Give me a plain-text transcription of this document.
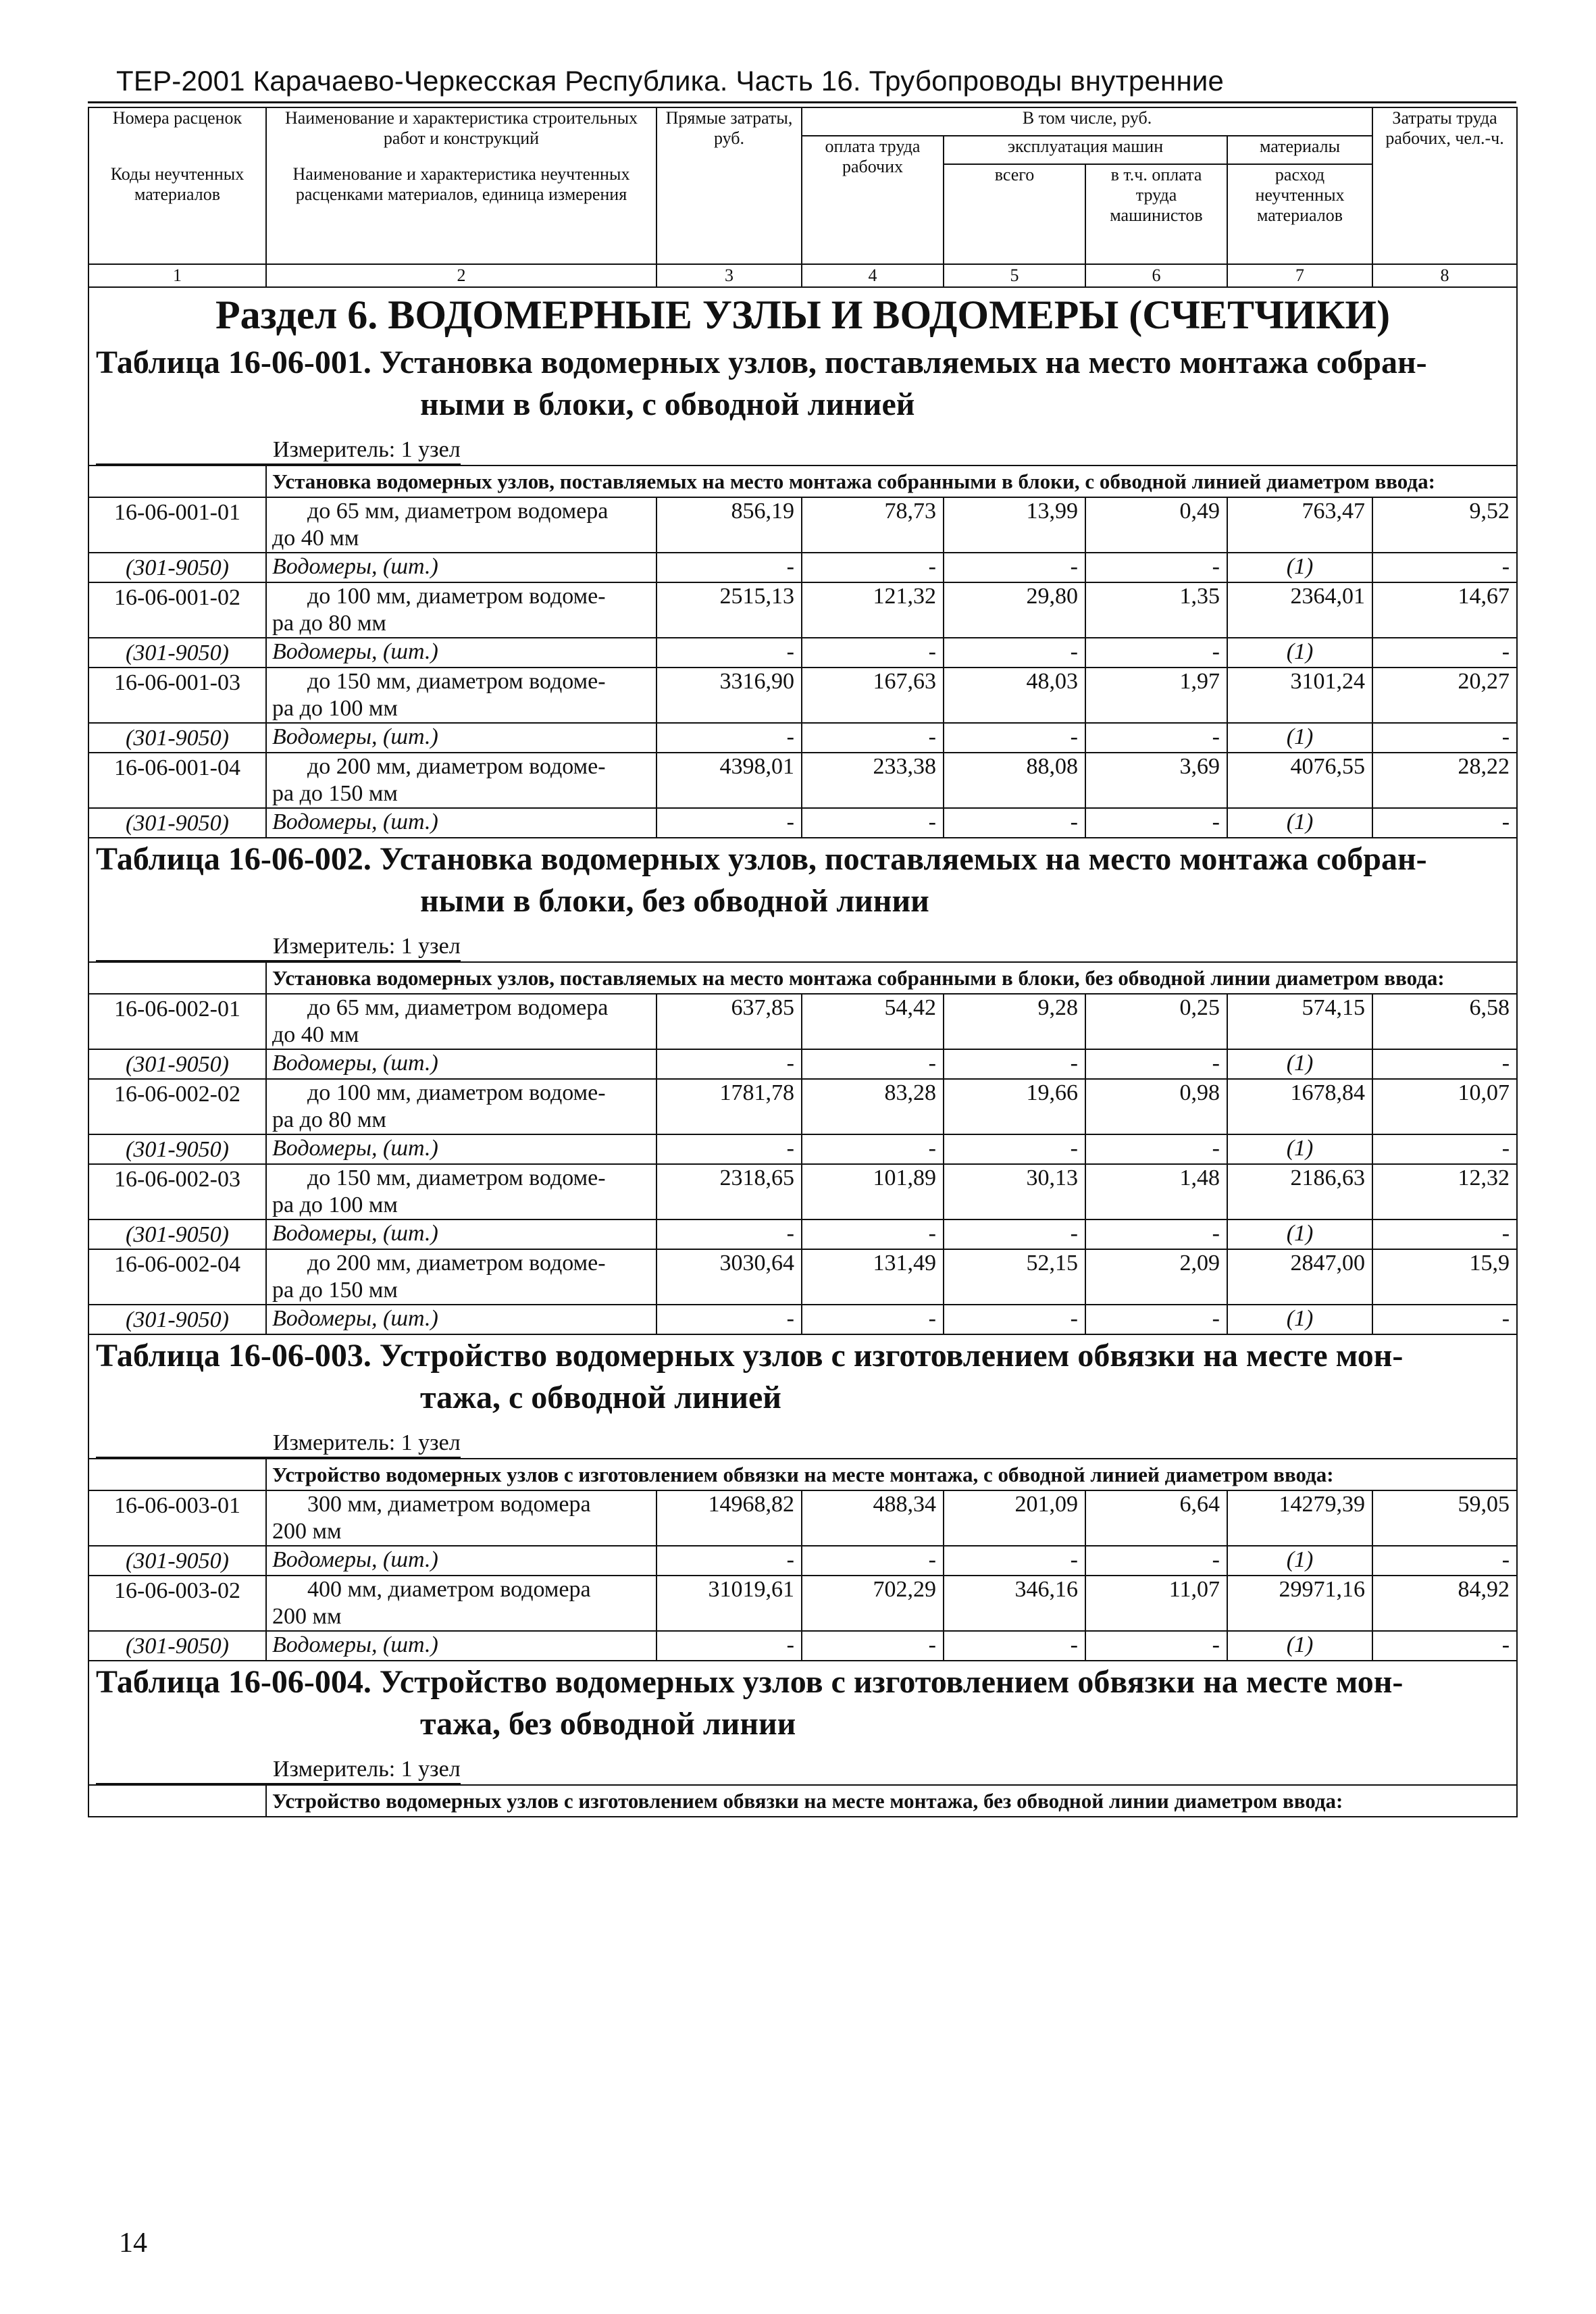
ТЕР-2001 Карачаево-Черкесская Республика. Часть 16. Трубопроводы внутренние
Номера расценок	Наименование и характеристика строительных работ и конструкций	Прямые затраты, руб.	В том числе, руб.				Затраты труда рабочих, чел.-ч.
			оплата труда рабочих	эксплуатация машин		материалы	
Коды неучтенных материалов	Наименование и характеристика неучтенных расценками материалов, единица измерения			всего	в т.ч. оплата труда машинистов	расход неучтенных материалов	

1	2	3	4	5	6	7	8
Раздел 6. ВОДОМЕРНЫЕ УЗЛЫ И ВОДОМЕРЫ (СЧЕТЧИКИ)							
Таблица 16-06-001. Установка водомерных узлов, поставляемых на место монтажа собран-
ными в блоки, с обводной линией							

Измеритель: 1 узел							
	Установка водомерных узлов, поставляемых на место монтажа собранными в блоки, с обводной линией диаметром ввода:						
16-06-001-01	до 65 мм, диаметром водомера
до 40 мм	856,19	78,73	13,99	0,49	763,47	9,52
(301-9050)	Водомеры, (шт.)	-	-	-	-	(1)	-
16-06-001-02	до 100 мм, диаметром водоме-
ра до 80 мм	2515,13	121,32	29,80	1,35	2364,01	14,67
(301-9050)	Водомеры, (шт.)	-	-	-	-	(1)	-
16-06-001-03	до 150 мм, диаметром водоме-
ра до 100 мм	3316,90	167,63	48,03	1,97	3101,24	20,27
(301-9050)	Водомеры, (шт.)	-	-	-	-	(1)	-
16-06-001-04	до 200 мм, диаметром водоме-
ра до 150 мм	4398,01	233,38	88,08	3,69	4076,55	28,22
(301-9050)	Водомеры, (шт.)	-	-	-	-	(1)	-
Таблица 16-06-002. Установка водомерных узлов, поставляемых на место монтажа собран-
ными в блоки, без обводной линии							

Измеритель: 1 узел							
	Установка водомерных узлов, поставляемых на место монтажа собранными в блоки, без обводной линии диаметром ввода:						
16-06-002-01	до 65 мм, диаметром водомера
до 40 мм	637,85	54,42	9,28	0,25	574,15	6,58
(301-9050)	Водомеры, (шт.)	-	-	-	-	(1)	-
16-06-002-02	до 100 мм, диаметром водоме-
ра до 80 мм	1781,78	83,28	19,66	0,98	1678,84	10,07
(301-9050)	Водомеры, (шт.)	-	-	-	-	(1)	-
16-06-002-03	до 150 мм, диаметром водоме-
ра до 100 мм	2318,65	101,89	30,13	1,48	2186,63	12,32
(301-9050)	Водомеры, (шт.)	-	-	-	-	(1)	-
16-06-002-04	до 200 мм, диаметром водоме-
ра до 150 мм	3030,64	131,49	52,15	2,09	2847,00	15,9
(301-9050)	Водомеры, (шт.)	-	-	-	-	(1)	-
Таблица 16-06-003. Устройство водомерных узлов с изготовлением обвязки на месте мон-
тажа, с обводной линией							

Измеритель: 1 узел							
	Устройство водомерных узлов с изготовлением обвязки на месте монтажа, с обводной линией диаметром ввода:						
16-06-003-01	300 мм, диаметром водомера
200 мм	14968,82	488,34	201,09	6,64	14279,39	59,05
(301-9050)	Водомеры, (шт.)	-	-	-	-	(1)	-
16-06-003-02	400 мм, диаметром водомера
200 мм	31019,61	702,29	346,16	11,07	29971,16	84,92
(301-9050)	Водомеры, (шт.)	-	-	-	-	(1)	-
Таблица 16-06-004. Устройство водомерных узлов с изготовлением обвязки на месте мон-
тажа, без обводной линии							

Измеритель: 1 узел							
	Устройство водомерных узлов с изготовлением обвязки на месте монтажа, без обводной линии диаметром ввода:						
14
